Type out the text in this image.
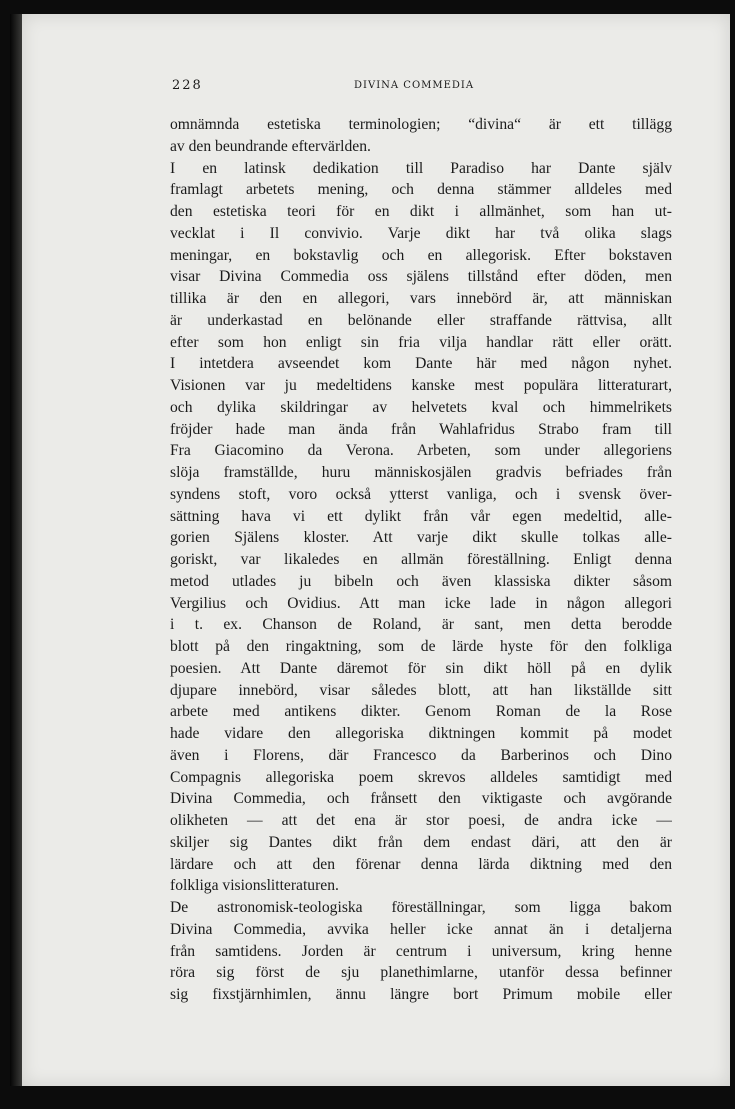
228	DIVINA COMMEDIA
omnämnda estetiska terminologien; “divina“ är ett tillägg
av den beundrande eftervärlden.
I en latinsk dedikation till Paradiso har Dante själv
framlagt arbetets mening, och denna stämmer alldeles med
den estetiska teori för en dikt i allmänhet, som han ut-
vecklat i Il convivio. Varje dikt har två olika slags
meningar, en bokstavlig och en allegorisk. Efter bokstaven
visar Divina Commedia oss själens tillstånd efter döden, men
tillika är den en allegori, vars innebörd är, att människan
är underkastad en belönande eller straffande rättvisa, allt
efter som hon enligt sin fria vilja handlar rätt eller orätt.
I intetdera avseendet kom Dante här med någon nyhet.
Visionen var ju medeltidens kanske mest populära litteraturart,
och dylika skildringar av helvetets kval och himmelrikets
fröjder hade man ända från Wahlafridus Strabo fram till
Fra Giacomino da Verona. Arbeten, som under allegoriens
slöja framställde, huru människosjälen gradvis befriades från
syndens stoft, voro också ytterst vanliga, och i svensk över-
sättning hava vi ett dylikt från vår egen medeltid, alle-
gorien Själens kloster. Att varje dikt skulle tolkas alle-
goriskt, var likaledes en allmän föreställning. Enligt denna
metod utlades ju bibeln och även klassiska dikter såsom
Vergilius och Ovidius. Att man icke lade in någon allegori
i t. ex. Chanson de Roland, är sant, men detta berodde
blott på den ringaktning, som de lärde hyste för den folkliga
poesien. Att Dante däremot för sin dikt höll på en dylik
djupare innebörd, visar således blott, att han likställde sitt
arbete med antikens dikter. Genom Roman de la Rose
hade vidare den allegoriska diktningen kommit på modet
även i Florens, där Francesco da Barberinos och Dino
Compagnis allegoriska poem skrevos alldeles samtidigt med
Divina Commedia, och frånsett den viktigaste och avgörande
olikheten — att det ena är stor poesi, de andra icke —
skiljer sig Dantes dikt från dem endast däri, att den är
lärdare och att den förenar denna lärda diktning med den
folkliga visionslitteraturen.
De astronomisk-teologiska föreställningar, som ligga bakom
Divina Commedia, avvika heller icke annat än i detaljerna
från samtidens. Jorden är centrum i universum, kring henne
röra sig först de sju planethimlarne, utanför dessa befinner
sig fixstjärnhimlen, ännu längre bort Primum mobile eller
